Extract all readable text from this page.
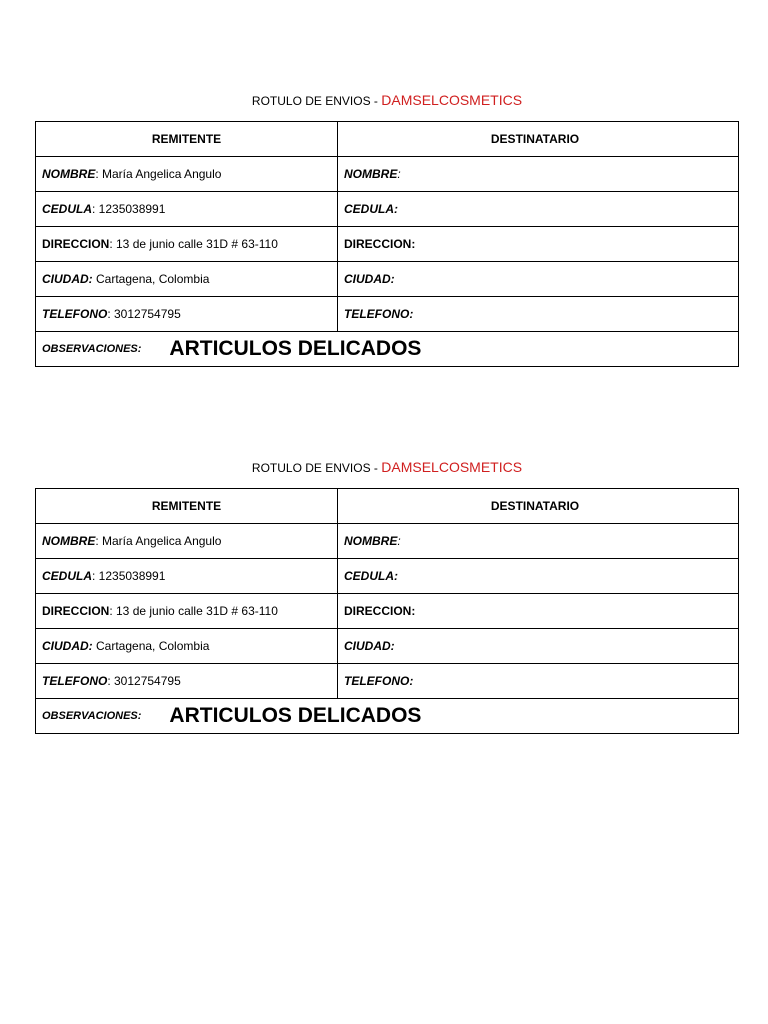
ROTULO DE ENVIOS - DAMSELCOSMETICS
REMITENTE	DESTINATARIO
NOMBRE: María Angelica Angulo	NOMBRE:
CEDULA: 1235038991	CEDULA:
DIRECCION: 13 de junio calle 31D # 63-110	DIRECCION:
CIUDAD: Cartagena, Colombia	CIUDAD:
TELEFONO: 3012754795	TELEFONO:
OBSERVACIONES: ARTICULOS DELICADOS	
ROTULO DE ENVIOS - DAMSELCOSMETICS
REMITENTE	DESTINATARIO
NOMBRE: María Angelica Angulo	NOMBRE:
CEDULA: 1235038991	CEDULA:
DIRECCION: 13 de junio calle 31D # 63-110	DIRECCION:
CIUDAD: Cartagena, Colombia	CIUDAD:
TELEFONO: 3012754795	TELEFONO:
OBSERVACIONES: ARTICULOS DELICADOS	
